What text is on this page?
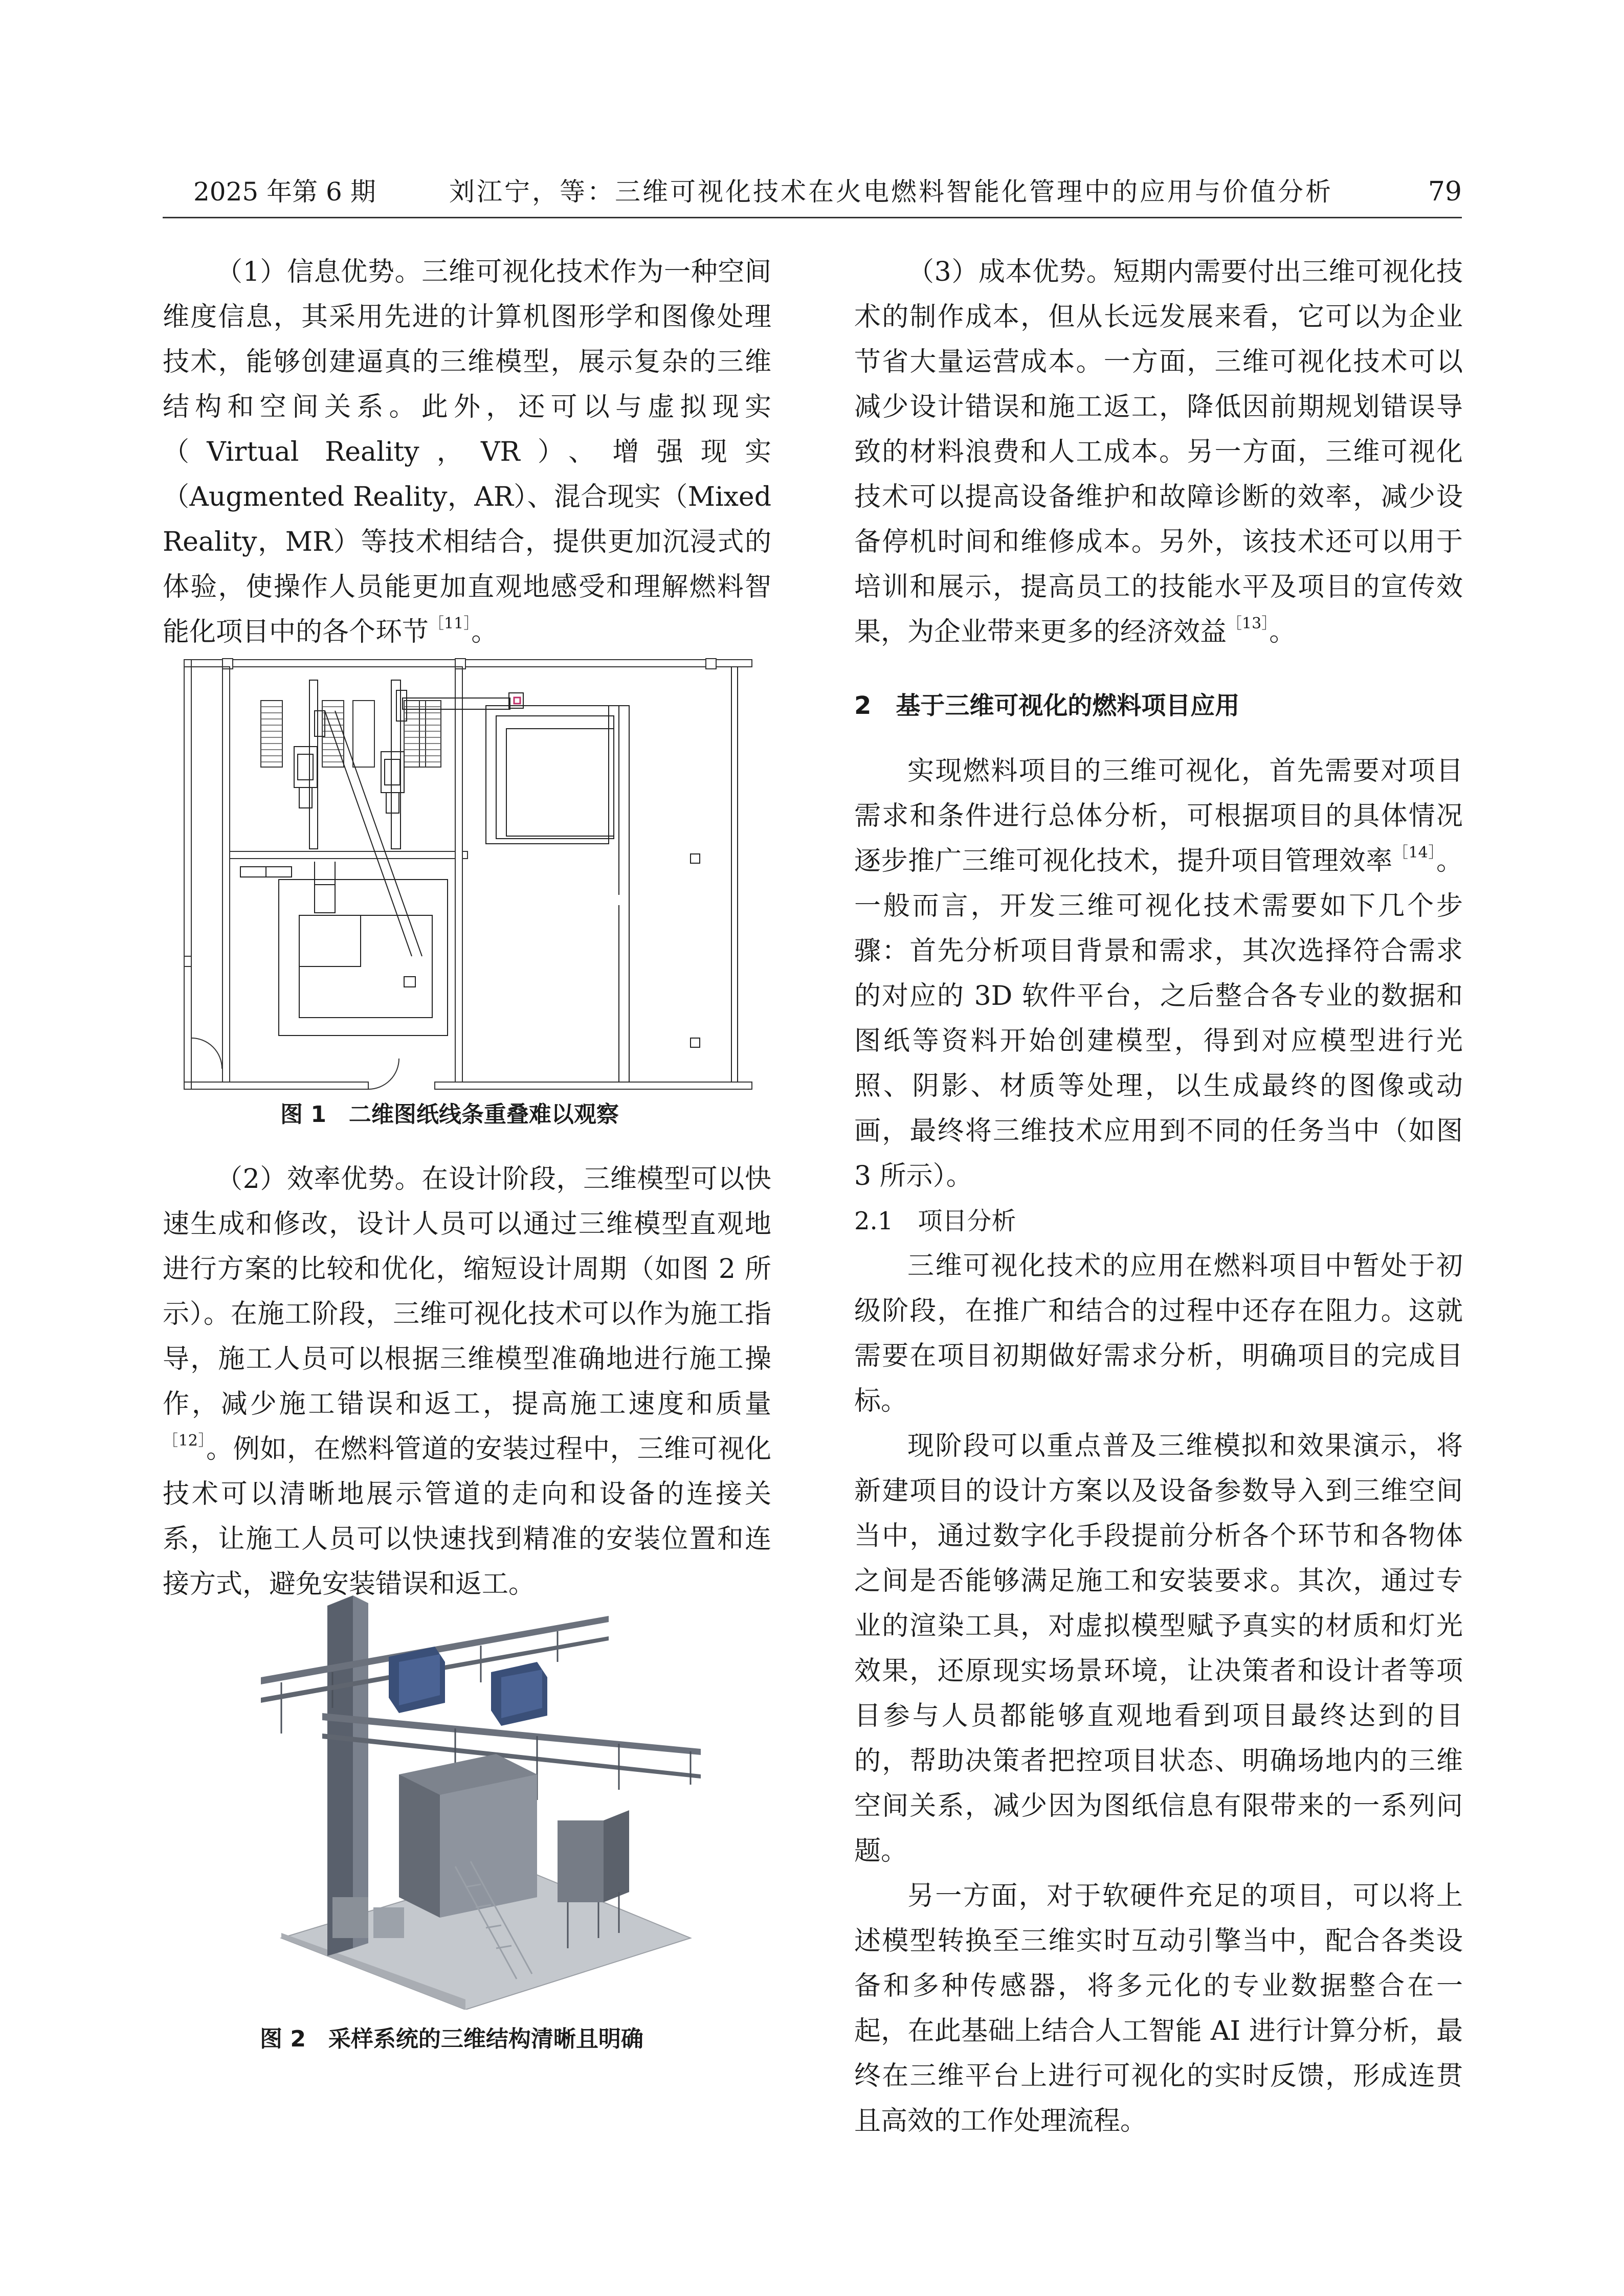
2025 年第 6 期	刘江宁，等：三维可视化技术在火电燃料智能化管理中的应用与价值分析	79

（1）信息优势。三维可视化技术作为一种空间维度信息，其采用先进的计算机图形学和图像处理技术，能够创建逼真的三维模型，展示复杂的三维结构和空间关系。此外，还可以与虚拟现实（Virtual Reality，VR）、增强现实（Augmented Reality，AR）、混合现实（Mixed Reality，MR）等技术相结合，提供更加沉浸式的体验，使操作人员能更加直观地感受和理解燃料智能化项目中的各个环节$^{[11]}$。

图 1　二维图纸线条重叠难以观察

（2）效率优势。在设计阶段，三维模型可以快速生成和修改，设计人员可以通过三维模型直观地进行方案的比较和优化，缩短设计周期（如图 2 所示）。在施工阶段，三维可视化技术可以作为施工指导，施工人员可以根据三维模型准确地进行施工操作，减少施工错误和返工，提高施工速度和质量$^{[12]}$。例如，在燃料管道的安装过程中，三维可视化技术可以清晰地展示管道的走向和设备的连接关系，让施工人员可以快速找到精准的安装位置和连接方式，避免安装错误和返工。

图 2　采样系统的三维结构清晰且明确

（3）成本优势。短期内需要付出三维可视化技术的制作成本，但从长远发展来看，它可以为企业节省大量运营成本。一方面，三维可视化技术可以减少设计错误和施工返工，降低因前期规划错误导致的材料浪费和人工成本。另一方面，三维可视化技术可以提高设备维护和故障诊断的效率，减少设备停机时间和维修成本。另外，该技术还可以用于培训和展示，提高员工的技能水平及项目的宣传效果，为企业带来更多的经济效益$^{[13]}$。

2　基于三维可视化的燃料项目应用

实现燃料项目的三维可视化，首先需要对项目需求和条件进行总体分析，可根据项目的具体情况逐步推广三维可视化技术，提升项目管理效率$^{[14]}$。一般而言，开发三维可视化技术需要如下几个步骤：首先分析项目背景和需求，其次选择符合需求的对应的 3D 软件平台，之后整合各专业的数据和图纸等资料开始创建模型，得到对应模型进行光照、阴影、材质等处理，以生成最终的图像或动画，最终将三维技术应用到不同的任务当中（如图 3 所示）。

2.1　项目分析

三维可视化技术的应用在燃料项目中暂处于初级阶段，在推广和结合的过程中还存在阻力。这就需要在项目初期做好需求分析，明确项目的完成目标。

现阶段可以重点普及三维模拟和效果演示，将新建项目的设计方案以及设备参数导入到三维空间当中，通过数字化手段提前分析各个环节和各物体之间是否能够满足施工和安装要求。其次，通过专业的渲染工具，对虚拟模型赋予真实的材质和灯光效果，还原现实场景环境，让决策者和设计者等项目参与人员都能够直观地看到项目最终达到的目的，帮助决策者把控项目状态、明确场地内的三维空间关系，减少因为图纸信息有限带来的一系列问题。

另一方面，对于软硬件充足的项目，可以将上述模型转换至三维实时互动引擎当中，配合各类设备和多种传感器，将多元化的专业数据整合在一起，在此基础上结合人工智能 AI 进行计算分析，最终在三维平台上进行可视化的实时反馈，形成连贯且高效的工作处理流程。
